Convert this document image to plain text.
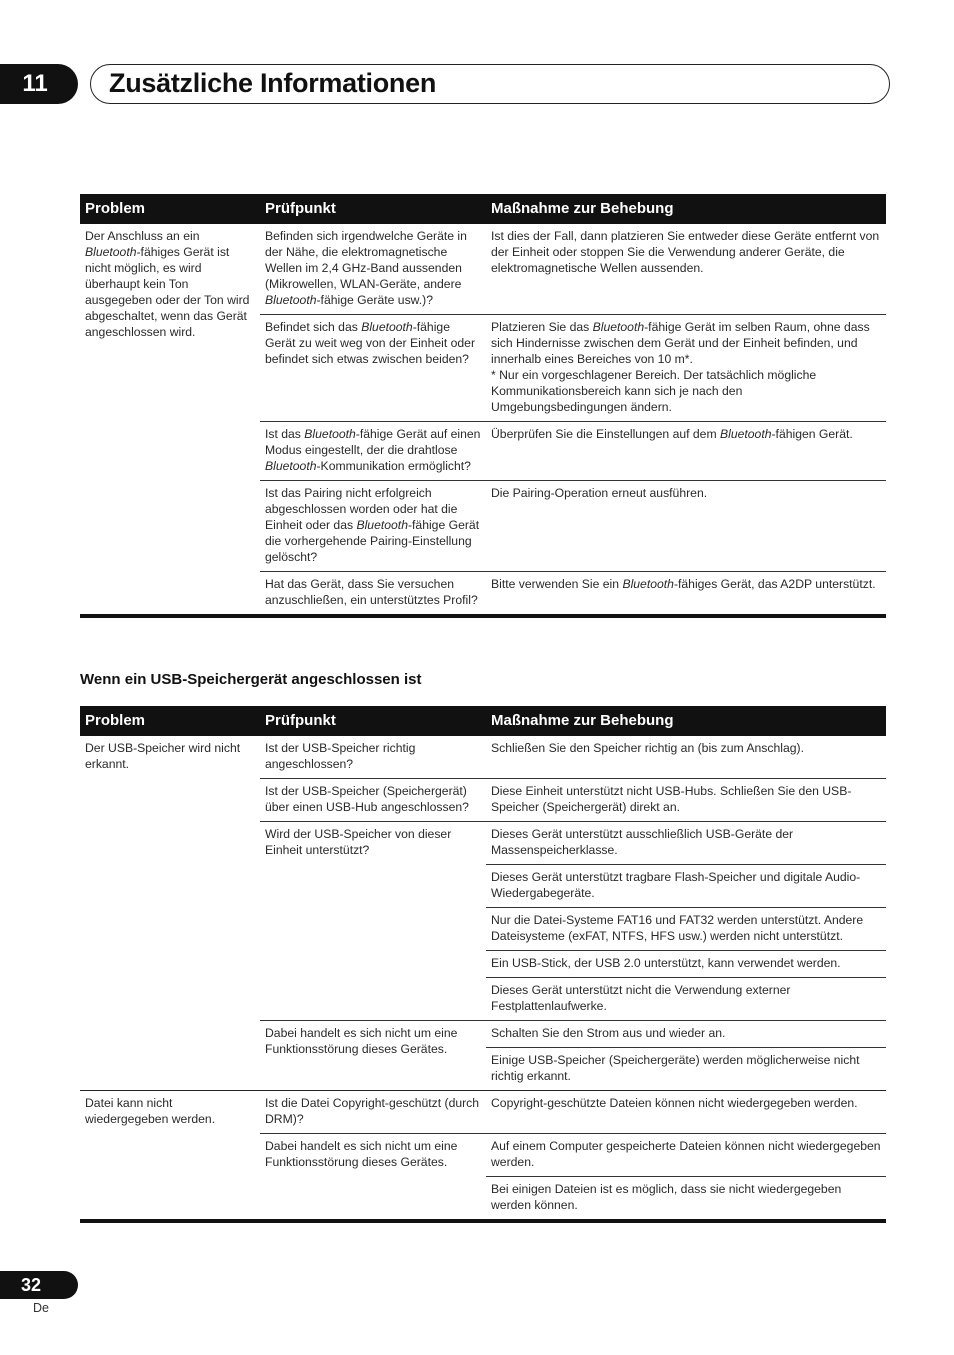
11	Zusätzliche Informationen
Problem	Prüfpunkt	Maßnahme zur Behebung
Der Anschluss an ein Bluetooth-fähiges Gerät ist nicht möglich, es wird überhaupt kein Ton ausgegeben oder der Ton wird abgeschaltet, wenn das Gerät angeschlossen wird.	Befinden sich irgendwelche Geräte in der Nähe, die elektromagnetische Wellen im 2,4 GHz-Band aussenden (Mikrowellen, WLAN-Geräte, andere Bluetooth-fähige Geräte usw.)?	Ist dies der Fall, dann platzieren Sie entweder diese Geräte entfernt von der Einheit oder stoppen Sie die Verwendung anderer Geräte, die elektromagnetische Wellen aussenden.
	Befindet sich das Bluetooth-fähige Gerät zu weit weg von der Einheit oder befindet sich etwas zwischen beiden?	Platzieren Sie das Bluetooth-fähige Gerät im selben Raum, ohne dass sich Hindernisse zwischen dem Gerät und der Einheit befinden, und innerhalb eines Bereiches von 10 m*.
* Nur ein vorgeschlagener Bereich. Der tatsächlich mögliche Kommunikationsbereich kann sich je nach den Umgebungsbedingungen ändern.
	Ist das Bluetooth-fähige Gerät auf einen Modus eingestellt, der die drahtlose Bluetooth-Kommunikation ermöglicht?	Überprüfen Sie die Einstellungen auf dem Bluetooth-fähigen Gerät.
	Ist das Pairing nicht erfolgreich abgeschlossen worden oder hat die Einheit oder das Bluetooth-fähige Gerät die vorhergehende Pairing-Einstellung gelöscht?	Die Pairing-Operation erneut ausführen.
	Hat das Gerät, dass Sie versuchen anzuschließen, ein unterstütztes Profil?	Bitte verwenden Sie ein Bluetooth-fähiges Gerät, das A2DP unterstützt.
Wenn ein USB-Speichergerät angeschlossen ist
Problem	Prüfpunkt	Maßnahme zur Behebung
Der USB-Speicher wird nicht erkannt.	Ist der USB-Speicher richtig angeschlossen?	Schließen Sie den Speicher richtig an (bis zum Anschlag).
	Ist der USB-Speicher (Speichergerät) über einen USB-Hub angeschlossen?	Diese Einheit unterstützt nicht USB-Hubs. Schließen Sie den USB-Speicher (Speichergerät) direkt an.
	Wird der USB-Speicher von dieser Einheit unterstützt?	Dieses Gerät unterstützt ausschließlich USB-Geräte der Massenspeicherklasse.
		Dieses Gerät unterstützt tragbare Flash-Speicher und digitale Audio-Wiedergabegeräte.
		Nur die Datei-Systeme FAT16 und FAT32 werden unterstützt. Andere Dateisysteme (exFAT, NTFS, HFS usw.) werden nicht unterstützt.
		Ein USB-Stick, der USB 2.0 unterstützt, kann verwendet werden.
		Dieses Gerät unterstützt nicht die Verwendung externer Festplattenlaufwerke.
	Dabei handelt es sich nicht um eine Funktionsstörung dieses Gerätes.	Schalten Sie den Strom aus und wieder an.
		Einige USB-Speicher (Speichergeräte) werden möglicherweise nicht richtig erkannt.
Datei kann nicht wiedergegeben werden.	Ist die Datei Copyright-geschützt (durch DRM)?	Copyright-geschützte Dateien können nicht wiedergegeben werden.
	Dabei handelt es sich nicht um eine Funktionsstörung dieses Gerätes.	Auf einem Computer gespeicherte Dateien können nicht wiedergegeben werden.
		Bei einigen Dateien ist es möglich, dass sie nicht wiedergegeben werden können.
32
De
